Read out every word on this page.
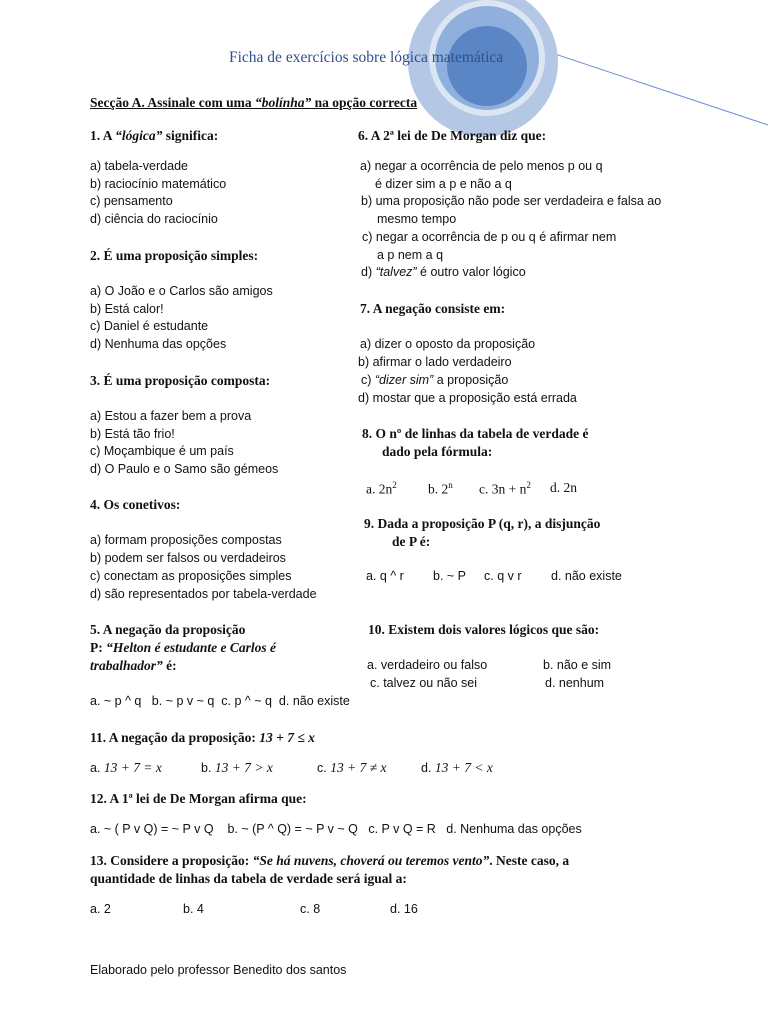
Ficha de exercícios sobre lógica matemática
Secção A. Assinale com uma “bolínha” na opção correcta
1. A “lógica” significa:
a) tabela-verdade
b) raciocínio matemático
c) pensamento
d) ciência do raciocínio
2. É uma proposição simples:
a) O João e o Carlos são amigos
b) Está calor!
c) Daniel é estudante
d) Nenhuma das opções
3. É uma proposição composta:
a) Estou a fazer bem a prova
b) Está tão frio!
c) Moçambique é um país
d) O Paulo e o Samo são gémeos
4. Os conetivos:
a) formam proposições compostas
b) podem ser falsos ou verdadeiros
c) conectam as proposições simples
d) são representados por tabela-verdade
5. A negação da proposição
P: “Helton é estudante e Carlos é
trabalhador” é:
a. ~ p ^ q   b. ~ p v ~ q  c. p ^ ~ q  d. não existe
6. A 2ª lei de De Morgan diz que:
a) negar a ocorrência de pelo menos p ou q
é dizer sim a p e não a q
b) uma proposição não pode ser verdadeira e falsa ao
mesmo tempo
c) negar a ocorrência de p ou q é afirmar nem
a p nem a q
d) “talvez” é outro valor lógico
7. A negação consiste em:
a) dizer o oposto da proposição
b) afirmar o lado verdadeiro
c) “dizer sim” a proposição
d) mostar que a proposição está errada
8. O nº de linhas da tabela de verdade é
dado pela fórmula:
a. $2n^2$ b. 2$^n$ c. $3n + n^2$ d. 2n
9. Dada a proposição P (q, r), a disjunção
de P é:
a. q ^ r b. ~ P c. q v r d. não existe
10. Existem dois valores lógicos que são:
a. verdadeiro ou falso	b. não e sim
c. talvez ou não sei	d. nenhum
11. A negação da proposição: 13 + 7 ≤ x
a. 13 + 7 = x	b. 13 + 7 > x	c. 13 + 7 ≠ x	d. 13 + 7 < x
12. A 1ª lei de De Morgan afirma que:
a. ~ ( P v Q) = ~ P v Q    b. ~ (P ^ Q) = ~ P v ~ Q   c. P v Q = R   d. Nenhuma das opções
13. Considere a proposição: “Se há nuvens, choverá ou teremos vento”. Neste caso, a
quantidade de linhas da tabela de verdade será igual a:
a. 2	b. 4	c. 8	d. 16
Elaborado pelo professor Benedito dos santos
